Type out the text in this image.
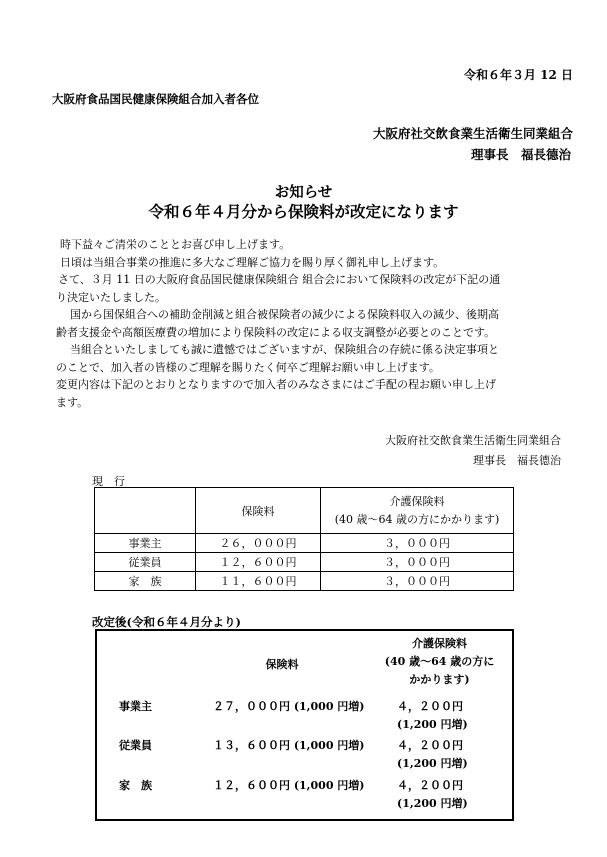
令和６年３月 12 日
大阪府食品国民健康保険組合加入者各位
大阪府社交飲食業生活衛生同業組合
理事長　福長德治
お知らせ
令和６年４月分から保険料が改定になります

時下益々ご清栄のこととお喜び申し上げます。

日頃は当組合事業の推進に多大なご理解ご協力を賜り厚く御礼申し上げます。

さて、３月 11 日の大阪府食品国民健康保険組合 組合会において保険料の改定が下記の通

り決定いたしました。

国から国保組合への補助金削減と組合被保険者の減少による保険料収入の減少、後期高

齢者支援金や高額医療費の増加により保険料の改定による収支調整が必要とのことです。

当組合といたしましても誠に遺憾ではございますが、保険組合の存続に係る決定事項と

のことで、加入者の皆様のご理解を賜りたく何卒ご理解お願い申し上げます。

変更内容は下記のとおりとなりますので加入者のみなさまにはご手配の程お願い申し上げ

ます。

大阪府社交飲食業生活衛生同業組合
理事長　福長德治
現　行
	保険料	介護保険料
(40 歳～64 歳の方にかかります)

事業主	２６，０００円	３，０００円
従業員	１２，６００円	３，０００円
家　族	１１，６００円	３，０００円
改定後(令和６年４月分より)
	保険料	介護保険料
(40 歳～64 歳の方に
かかります)

事業主	２７，０００円 (1,000 円増)	４，２００円
(1,200 円増)

従業員	１３，６００円 (1,000 円増)	４，２００円
(1,200 円増)

家　族	１２，６００円 (1,000 円増)	４，２００円
(1,200 円増)
